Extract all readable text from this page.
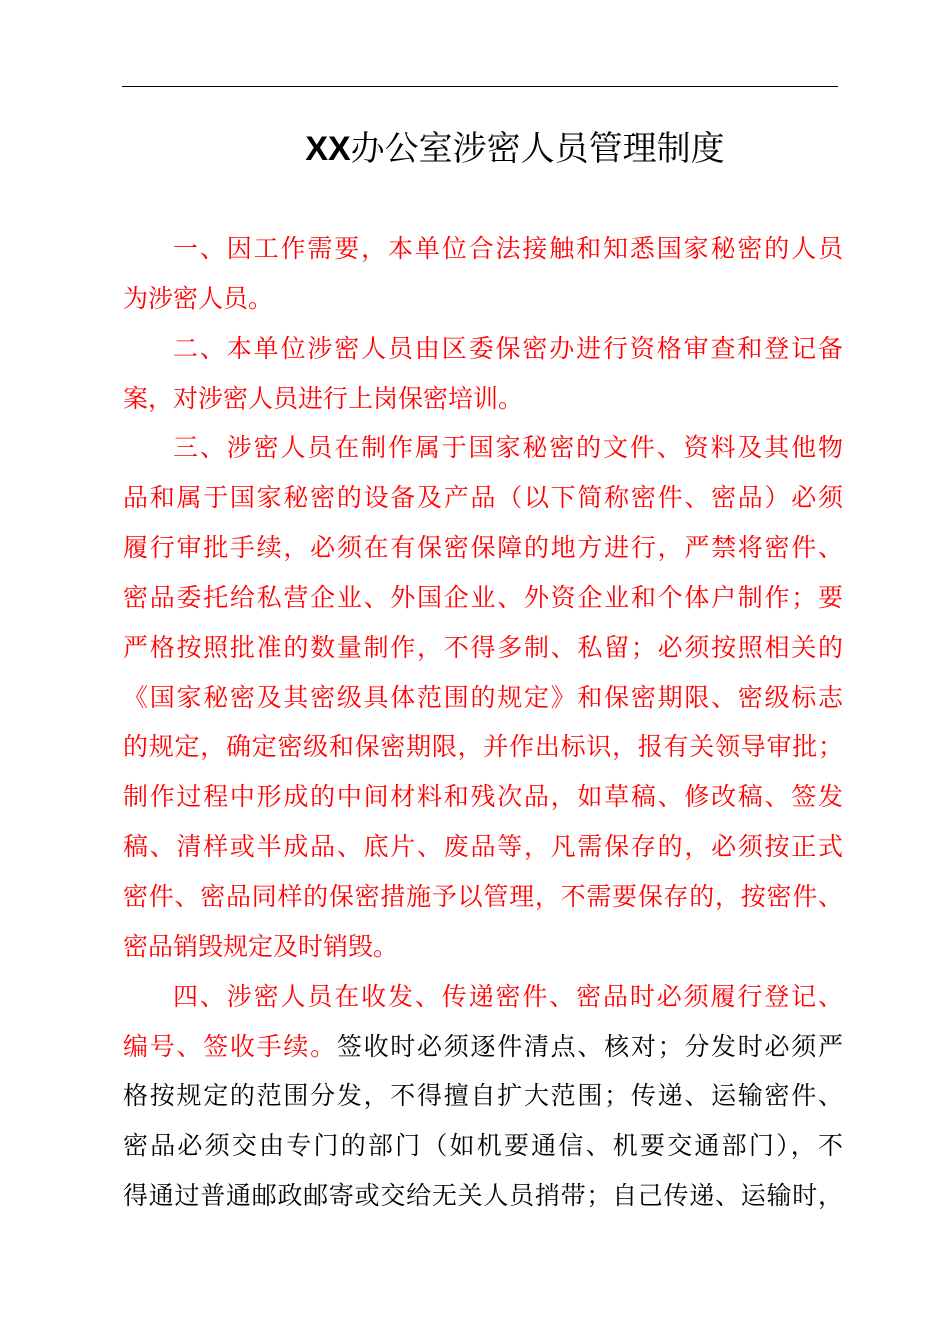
XX办公室涉密人员管理制度
一、因工作需要，本单位合法接触和知悉国家秘密的人员
为涉密人员。
二、本单位涉密人员由区委保密办进行资格审查和登记备
案，对涉密人员进行上岗保密培训。
三、涉密人员在制作属于国家秘密的文件、资料及其他物
品和属于国家秘密的设备及产品（以下简称密件、密品）必须
履行审批手续，必须在有保密保障的地方进行，严禁将密件、
密品委托给私营企业、外国企业、外资企业和个体户制作；要
严格按照批准的数量制作，不得多制、私留；必须按照相关的
《国家秘密及其密级具体范围的规定》和保密期限、密级标志
的规定，确定密级和保密期限，并作出标识，报有关领导审批；
制作过程中形成的中间材料和残次品，如草稿、修改稿、签发
稿、清样或半成品、底片、废品等，凡需保存的，必须按正式
密件、密品同样的保密措施予以管理，不需要保存的，按密件、
密品销毁规定及时销毁。
四、涉密人员在收发、传递密件、密品时必须履行登记、
编号、签收手续。签收时必须逐件清点、核对；分发时必须严
格按规定的范围分发，不得擅自扩大范围；传递、运输密件、
密品必须交由专门的部门（如机要通信、机要交通部门），不
得通过普通邮政邮寄或交给无关人员捎带；自己传递、运输时，
